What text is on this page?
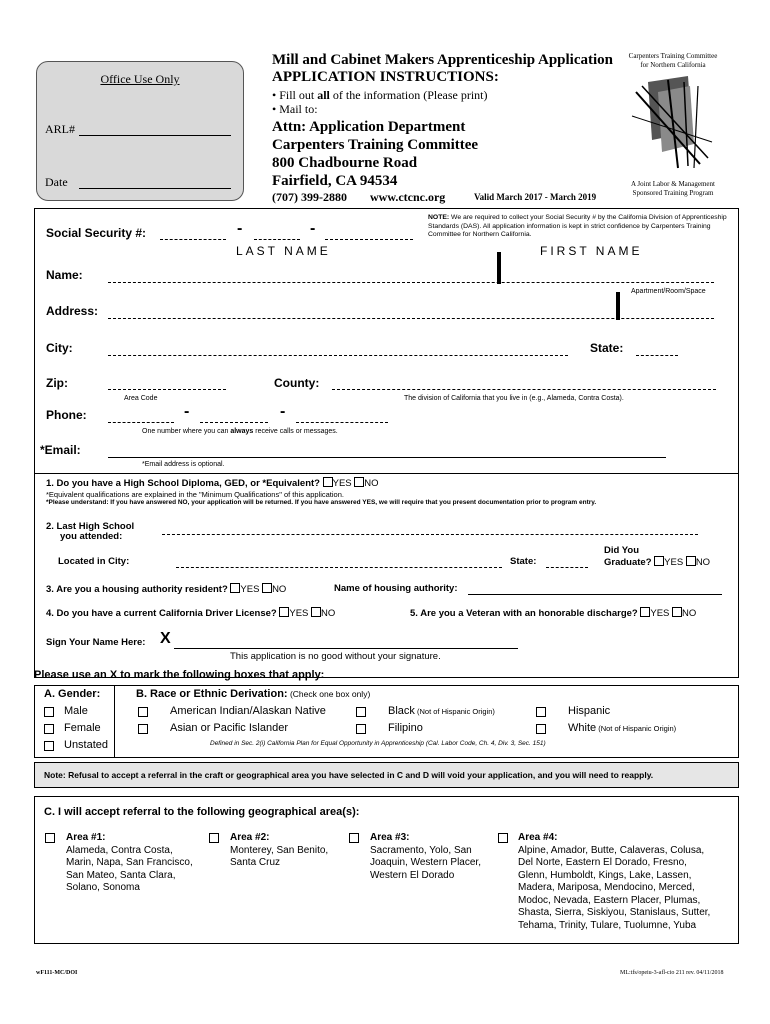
Office Use Only
ARL#
Date
Mill and Cabinet Makers Apprenticeship Application
APPLICATION INSTRUCTIONS:
• Fill out all of the information (Please print)
• Mail to:
Attn: Application Department
Carpenters Training Committee
800 Chadbourne Road
Fairfield, CA 94534
(707) 399-2880 www.ctcnc.org	Valid March 2017 - March 2019
Carpenters Training Committee
for Northern California
A Joint Labor & Management
Sponsored Training Program
Social Security #:	-	-
NOTE: We are required to collect your Social Security # by the California Division of Apprenticeship Standards (DAS). All application information is kept in strict confidence by Carpenters Training Committee for Northern California.
LAST NAME	FIRST NAME
Name:
Apartment/Room/Space
Address:
City:	State:
Zip:	County:
Area Code	The division of California that you live in (e.g., Alameda, Contra Costa).
Phone:	-	-
One number where you can always receive calls or messages.
*Email:
*Email address is optional.
1. Do you have a High School Diploma, GED, or *Equivalent? YES NO
*Equivalent qualifications are explained in the "Minimum Qualifications" of this application.
*Please understand: If you have answered NO, your application will be returned. If you have answered YES, we will require that you present documentation prior to program entry.
2. Last High School
you attended:
Located in City:	State:
Did You
Graduate? YES NO
3. Are you a housing authority resident? YES NO	Name of housing authority:
4. Do you have a current California Driver License? YES NO	5. Are you a Veteran with an honorable discharge? YES NO
Sign Your Name Here: X
This application is no good without your signature.
Please use an X to mark the following boxes that apply:
A. Gender:
Male
Female
Unstated
B. Race or Ethnic Derivation: (Check one box only)
American Indian/Alaskan Native
Asian or Pacific Islander
Black (Not of Hispanic Origin)
Filipino
Hispanic
White (Not of Hispanic Origin)
Defined in Sec. 2(i) California Plan for Equal Opportunity in Apprenticeship (Cal. Labor Code, Ch. 4, Div. 3, Sec. 151)
Note: Refusal to accept a referral in the craft or geographical area you have selected in C and D will void your application, and you will need to reapply.
C. I will accept referral to the following geographical area(s):
Area #1:
Alameda, Contra Costa,
Marin, Napa, San Francisco,
San Mateo, Santa Clara,
Solano, Sonoma
Area #2:
Monterey, San Benito,
Santa Cruz
Area #3:
Sacramento, Yolo, San
Joaquin, Western Placer,
Western El Dorado
Area #4:
Alpine, Amador, Butte, Calaveras, Colusa,
Del Norte, Eastern El Dorado, Fresno,
Glenn, Humboldt, Kings, Lake, Lassen,
Madera, Mariposa, Mendocino, Merced,
Modoc, Nevada, Eastern Placer, Plumas,
Shasta, Sierra, Siskiyou, Stanislaus, Sutter,
Tehama, Trinity, Tulare, Tuolumne, Yuba
wF111-MC/DOI	ML:tfs/opeiu-3-afl-cio 211 rev. 04/11/2018
